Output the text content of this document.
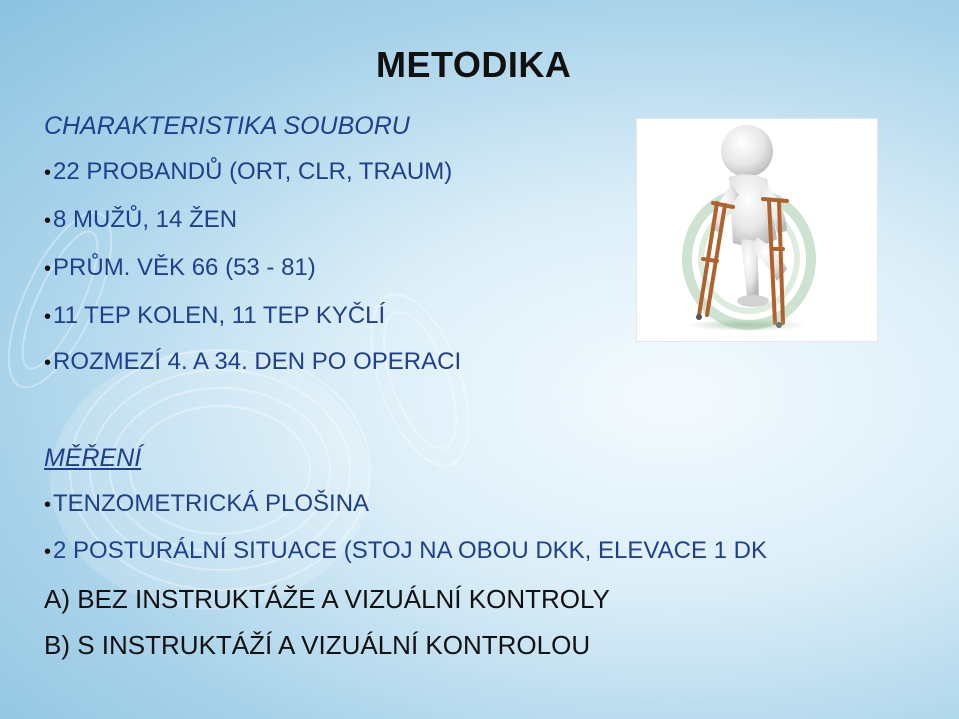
METODIKA
CHARAKTERISTIKA SOUBORU
•22 PROBANDŮ (ORT, CLR, TRAUM)
•8 MUŽŮ, 14 ŽEN
•PRŮM. VĚK 66 (53 - 81)
•11 TEP KOLEN, 11 TEP KYČLÍ
•ROZMEZÍ 4. A 34. DEN PO OPERACI
MĚŘENÍ
•TENZOMETRICKÁ PLOŠINA
•2 POSTURÁLNÍ SITUACE (STOJ NA OBOU DKK, ELEVACE 1 DK
A) BEZ INSTRUKTÁŽE A VIZUÁLNÍ KONTROLY
B) S INSTRUKTÁŽÍ A VIZUÁLNÍ KONTROLOU
